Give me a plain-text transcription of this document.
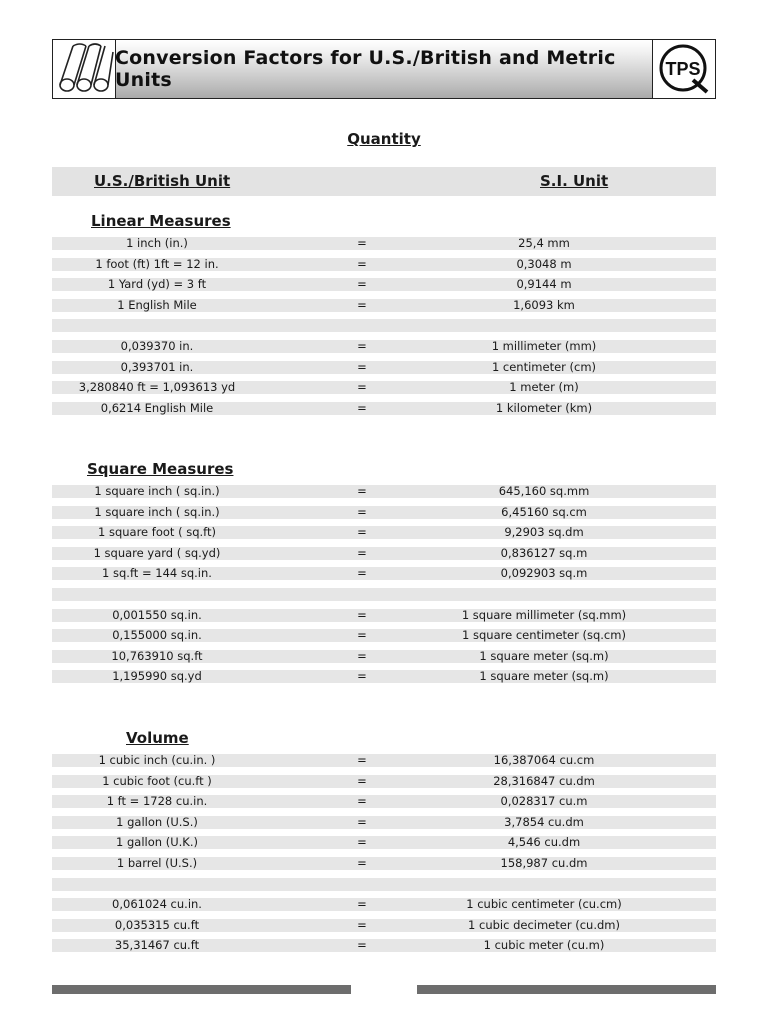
Conversion Factors for U.S./British and Metric Units	TPS
Quantity
U.S./British Unit	S.I. Unit
Linear Measures
1 inch (in.)	=	25,4 mm
1 foot (ft) 1ft = 12 in.	=	0,3048 m
1 Yard (yd) = 3 ft	=	0,9144 m
1 English Mile	=	1,6093 km
0,039370 in.	=	1 millimeter (mm)
0,393701 in.	=	1 centimeter (cm)
3,280840 ft = 1,093613 yd	=	1 meter (m)
0,6214 English Mile	=	1 kilometer (km)
Square Measures
1 square inch ( sq.in.)	=	645,160 sq.mm
1 square inch ( sq.in.)	=	6,45160 sq.cm
1 square foot ( sq.ft)	=	9,2903 sq.dm
1 square yard ( sq.yd)	=	0,836127 sq.m
1 sq.ft = 144 sq.in.	=	0,092903 sq.m
0,001550 sq.in.	=	1 square millimeter (sq.mm)
0,155000 sq.in.	=	1 square centimeter (sq.cm)
10,763910 sq.ft	=	1 square meter (sq.m)
1,195990 sq.yd	=	1 square meter (sq.m)
Volume
1 cubic inch (cu.in. )	=	16,387064 cu.cm
1 cubic foot (cu.ft )	=	28,316847 cu.dm
1 ft = 1728 cu.in.	=	0,028317 cu.m
1 gallon (U.S.)	=	3,7854 cu.dm
1 gallon (U.K.)	=	4,546 cu.dm
1 barrel (U.S.)	=	158,987 cu.dm
0,061024 cu.in.	=	1 cubic centimeter (cu.cm)
0,035315 cu.ft	=	1 cubic decimeter (cu.dm)
35,31467 cu.ft	=	1 cubic meter (cu.m)
